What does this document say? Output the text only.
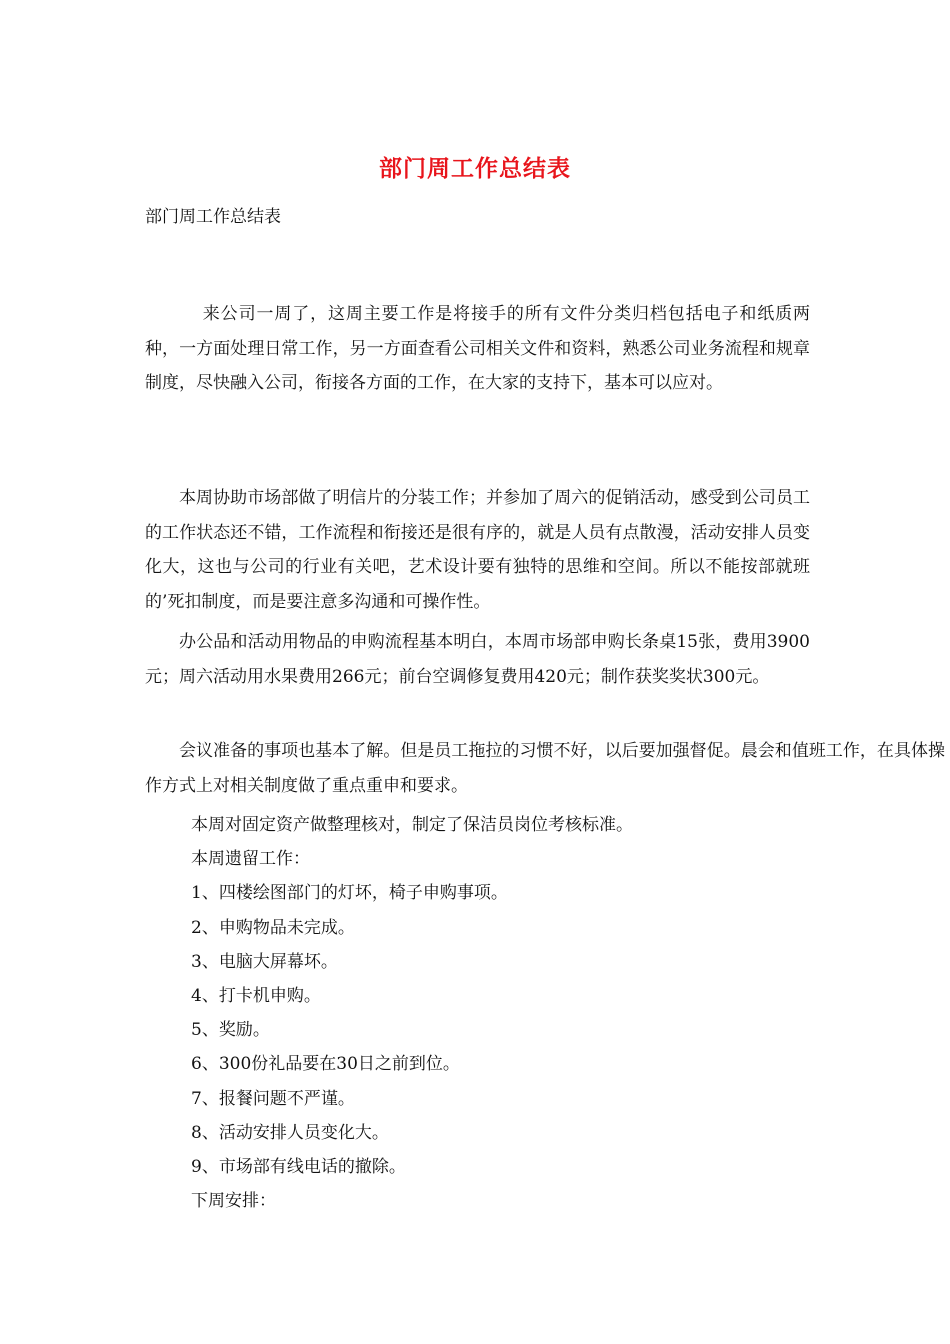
部门周工作总结表
部门周工作总结表

来公司一周了，这周主要工作是将接手的所有文件分类归档包括电子和纸质两种，一方面处理日常工作，另一方面查看公司相关文件和资料，熟悉公司业务流程和规章制度，尽快融入公司，衔接各方面的工作，在大家的支持下，基本可以应对。

本周协助市场部做了明信片的分装工作；并参加了周六的促销活动，感受到公司员工的工作状态还不错，工作流程和衔接还是很有序的，就是人员有点散漫，活动安排人员变化大，这也与公司的行业有关吧，艺术设计要有独特的思维和空间。所以不能按部就班的’死扣制度，而是要注意多沟通和可操作性。

办公品和活动用物品的申购流程基本明白，本周市场部申购长条桌15张，费用3900元；周六活动用水果费用266元；前台空调修复费用420元；制作获奖奖状300元。

会议准备的事项也基本了解。但是员工拖拉的习惯不好，以后要加强督促。晨会和值班工作，在具体操作方式上对相关制度做了重点重申和要求。

本周对固定资产做整理核对，制定了保洁员岗位考核标准。
本周遗留工作：
1、四楼绘图部门的灯坏，椅子申购事项。
2、申购物品未完成。
3、电脑大屏幕坏。
4、打卡机申购。
5、奖励。
6、300份礼品要在30日之前到位。
7、报餐问题不严谨。
8、活动安排人员变化大。
9、市场部有线电话的撤除。
下周安排：
